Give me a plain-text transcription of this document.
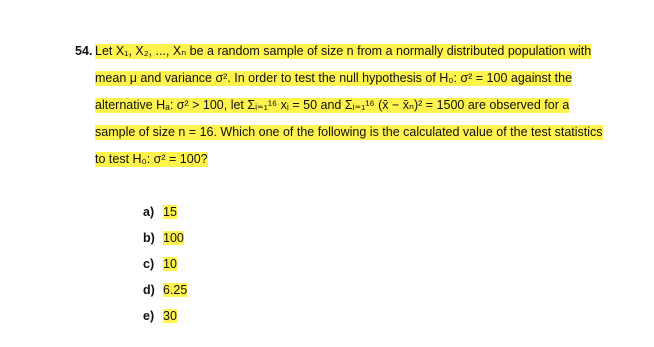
54. Let X₁, X₂, ..., Xₙ be a random sample of size n from a normally distributed population with
mean μ and variance σ². In order to test the null hypothesis of H₀: σ² = 100 against the
alternative Hₐ: σ² > 100, let Σᵢ₌₁¹⁶ xᵢ = 50 and Σᵢ₌₁¹⁶ (x̄ − x̄ₙ)² = 1500 are observed for a
sample of size n = 16. Which one of the following is the calculated value of the test statistics
to test H₀: σ² = 100?
a) 15
b) 100
c) 10
d) 6.25
e) 30
